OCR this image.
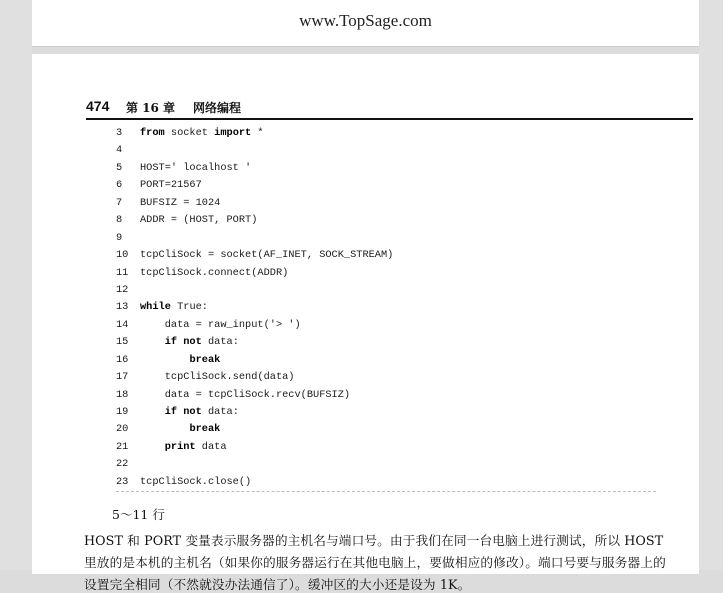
www.TopSage.com
474 第 16 章 网络编程
3	from socket import *
4
5	HOST=' localhost '
6	PORT=21567
7	BUFSIZ = 1024
8	ADDR = (HOST, PORT)
9
10	tcpCliSock = socket(AF_INET, SOCK_STREAM)
11	tcpCliSock.connect(ADDR)
12
13	while True:
14	data = raw_input('> ')
15	if not data:
16	break
17	tcpCliSock.send(data)
18	data = tcpCliSock.recv(BUFSIZ)
19	if not data:
20	break
21	print data
22
23	tcpCliSock.close()
5～11 行
HOST 和 PORT 变量表示服务器的主机名与端口号。由于我们在同一台电脑上进行测试，所以 HOST
里放的是本机的主机名（如果你的服务器运行在其他电脑上，要做相应的修改）。端口号要与服务器上的
设置完全相同（不然就没办法通信了）。缓冲区的大小还是设为 1K。
